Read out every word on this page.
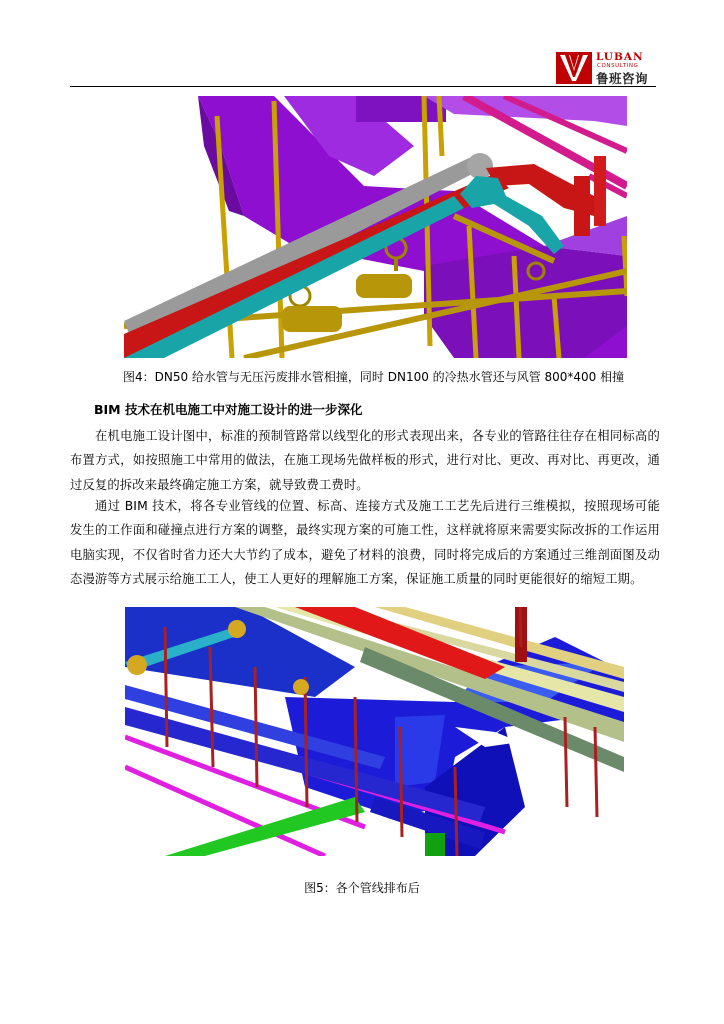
LUBAN
CONSULTING
鲁班咨询
图4：DN50 给水管与无压污废排水管相撞，同时 DN100 的冷热水管还与风管 800*400 相撞
BIM 技术在机电施工中对施工设计的进一步深化

在机电施工设计图中，标准的预制管路常以线型化的形式表现出来，各专业的管路往往存在相同标高的布置方式，如按照施工中常用的做法，在施工现场先做样板的形式，进行对比、更改、再对比、再更改，通过反复的拆改来最终确定施工方案，就导致费工费时。

通过 BIM 技术，将各专业管线的位置、标高、连接方式及施工工艺先后进行三维模拟，按照现场可能发生的工作面和碰撞点进行方案的调整，最终实现方案的可施工性，这样就将原来需要实际改拆的工作运用电脑实现，不仅省时省力还大大节约了成本，避免了材料的浪费，同时将完成后的方案通过三维剖面图及动态漫游等方式展示给施工工人，使工人更好的理解施工方案，保证施工质量的同时更能很好的缩短工期。

图5：各个管线排布后
